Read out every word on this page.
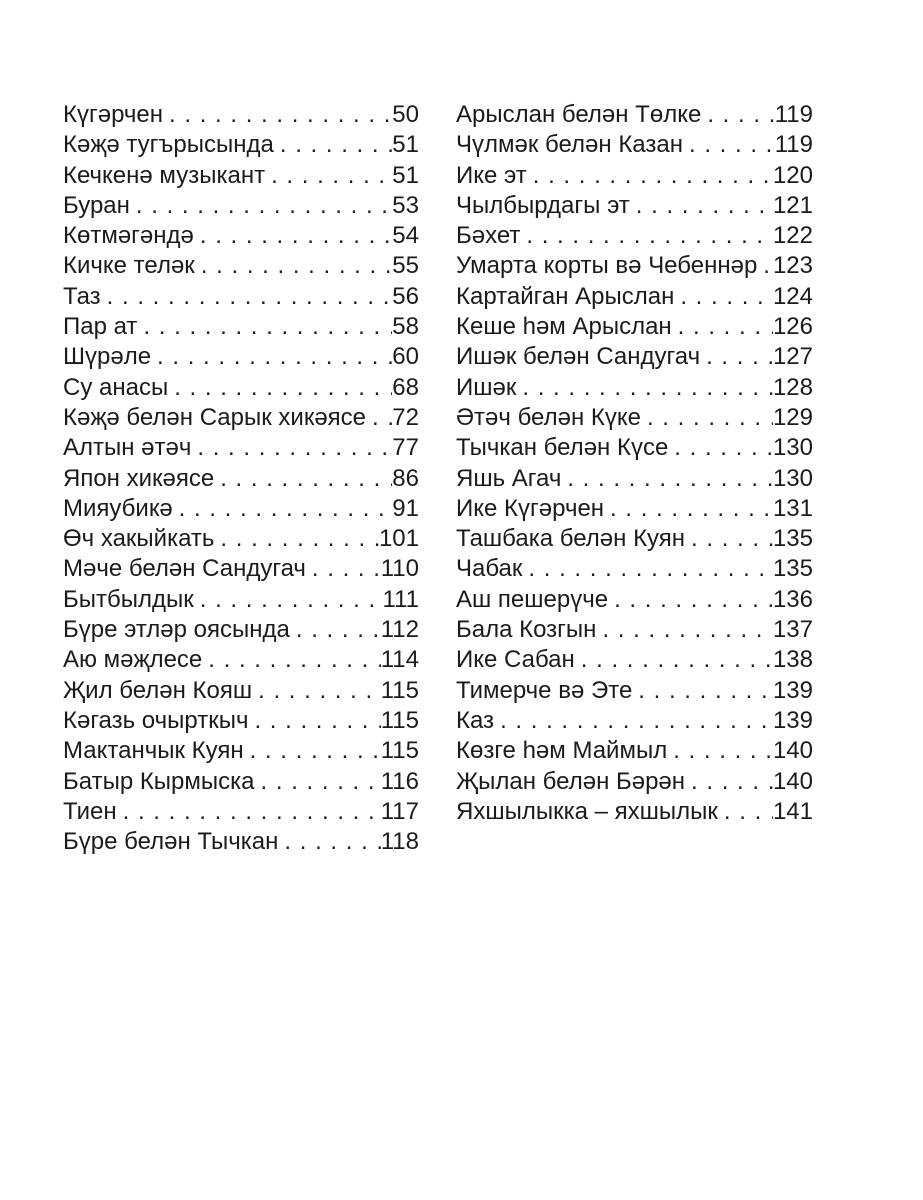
Күгәрчен . . .	50
Кәҗә тугърысында . . .	51
Кечкенә музыкант . . .	51
Буран . . .	53
Көтмәгәндә . . .	54
Кичке теләк . . .	55
Таз . . .	56
Пар ат . . .	58
Шүрәле . . .	60
Су анасы . . .	68
Кәҗә белән Сарык хикәясе . . . 72
Алтын әтәч . . .	77
Япон хикәясе . . .	86
Мияубикә . . .	91
Өч хакыйкать . . .	101
Мәче белән Сандугач . . .	110
Бытбылдык . . .	111
Бүре этләр оясында . . .	112
Аю мәҗлесе . . .	114
Җил белән Кояш . . .	115
Кәгазь очырткыч . . .	115
Мактанчык Куян . . .	115
Батыр Кырмыска . . .	116
Тиен . . .	117
Бүре белән Тычкан . . .	118
Арыслан белән Төлке . . .	119
Чүлмәк белән Казан . . .	119
Ике эт . . .	120
Чылбырдагы эт . . .	121
Бәхет . . .	122
Умарта корты вә Чебеннәр . . . 123
Картайган Арыслан . . .	124
Кеше һәм Арыслан . . .	126
Ишәк белән Сандугач . . .	127
Ишәк . . .	128
Әтәч белән Күке . . .	129
Тычкан белән Күсе . . .	130
Яшь Агач . . .	130
Ике Күгәрчен . . .	131
Ташбака белән Куян . . .	135
Чабак . . .	135
Аш пешерүче . . .	136
Бала Козгын . . .	137
Ике Сабан . . .	138
Тимерче вә Эте . . .	139
Каз . . .	139
Көзге һәм Маймыл . . .	140
Җылан белән Бәрән . . .	140
Яхшылыкка – яхшылык . . . 141
